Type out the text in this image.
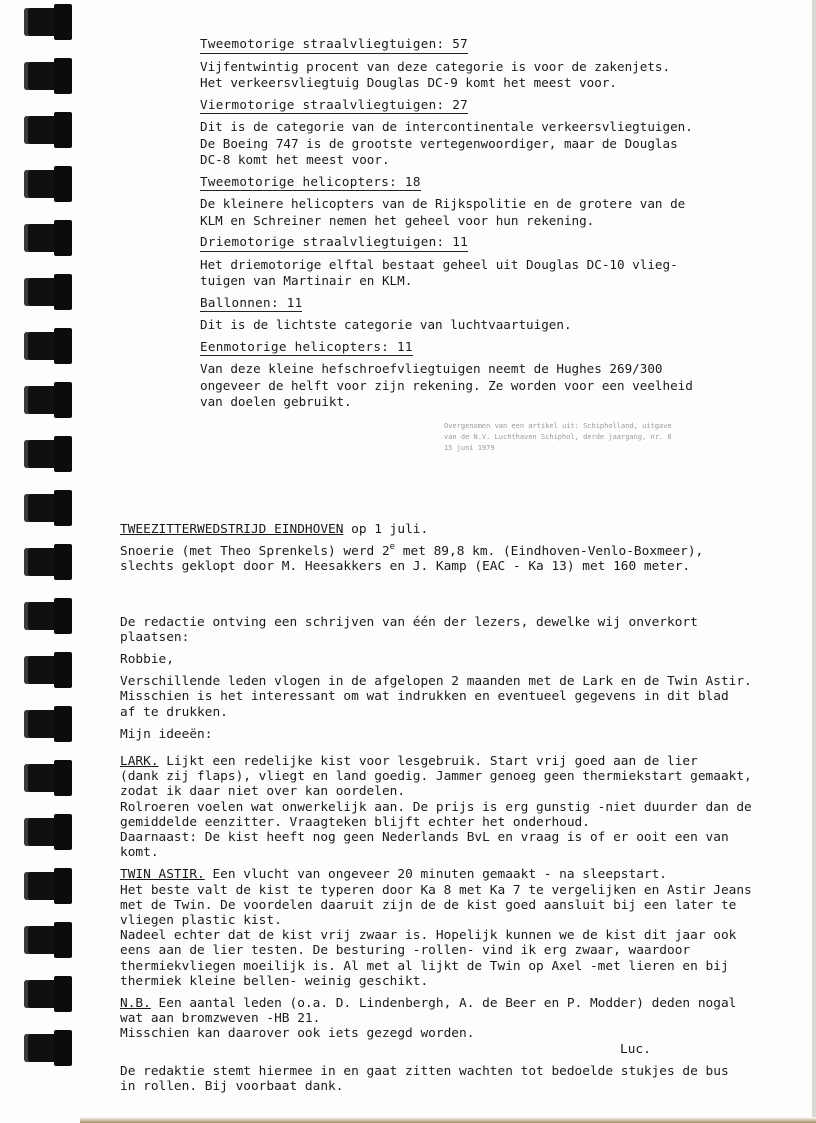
Tweemotorige straalvliegtuigen: 57

Vijfentwintig procent van deze categorie is voor de zakenjets.
Het verkeersvliegtuig Douglas DC-9 komt het meest voor.

Viermotorige straalvliegtuigen: 27

Dit is de categorie van de intercontinentale verkeersvliegtuigen.
De Boeing 747 is de grootste vertegenwoordiger, maar de Douglas
DC-8 komt het meest voor.

Tweemotorige helicopters: 18

De kleinere helicopters van de Rijkspolitie en de grotere van de
KLM en Schreiner nemen het geheel voor hun rekening.

Driemotorige straalvliegtuigen: 11

Het driemotorige elftal bestaat geheel uit Douglas DC-10 vlieg-
tuigen van Martinair en KLM.

Ballonnen: 11

Dit is de lichtste categorie van luchtvaartuigen.

Eenmotorige helicopters: 11

Van deze kleine hefschroefvliegtuigen neemt de Hughes 269/300
ongeveer de helft voor zijn rekening. Ze worden voor een veelheid
van doelen gebruikt.

Overgenomen van een artikel uit: Schipholland, uitgave
van de N.V. Luchthaven Schiphol, derde jaargang, nr. 8
15 juni 1979

TWEEZITTERWEDSTRIJD EINDHOVEN op 1 juli.

Snoerie (met Theo Sprenkels) werd 2e met 89,8 km. (Eindhoven-Venlo-Boxmeer),

slechts geklopt door M. Heesakkers en J. Kamp (EAC - Ka 13) met 160 meter.

De redactie ontving een schrijven van één der lezers, dewelke wij onverkort plaatsen:

Robbie,

Verschillende leden vlogen in de afgelopen 2 maanden met de Lark en de Twin Astir.
Misschien is het interessant om wat indrukken en eventueel gegevens in dit blad
af te drukken.

Mijn ideeën:

LARK. Lijkt een redelijke kist voor lesgebruik. Start vrij goed aan de lier
(dank zij flaps), vliegt en land goedig. Jammer genoeg geen thermiekstart gemaakt,
zodat ik daar niet over kan oordelen.
Rolroeren voelen wat onwerkelijk aan. De prijs is erg gunstig -niet duurder dan de
gemiddelde eenzitter. Vraagteken blijft echter het onderhoud.
Daarnaast: De kist heeft nog geen Nederlands BvL en vraag is of er ooit een van
komt.

TWIN ASTIR. Een vlucht van ongeveer 20 minuten gemaakt - na sleepstart.
Het beste valt de kist te typeren door Ka 8 met Ka 7 te vergelijken en Astir Jeans
met de Twin. De voordelen daaruit zijn de de kist goed aansluit bij een later te
vliegen plastic kist.
Nadeel echter dat de kist vrij zwaar is. Hopelijk kunnen we de kist dit jaar ook
eens aan de lier testen. De besturing -rollen- vind ik erg zwaar, waardoor
thermiekvliegen moeilijk is. Al met al lijkt de Twin op Axel -met lieren en bij
thermiek kleine bellen- weinig geschikt.

N.B. Een aantal leden (o.a. D. Lindenbergh, A. de Beer en P. Modder) deden nogal
wat aan bromzweven -HB 21.
Misschien kan daarover ook iets gezegd worden.

Luc.

De redaktie stemt hiermee in en gaat zitten wachten tot bedoelde stukjes de bus
in rollen. Bij voorbaat dank.
